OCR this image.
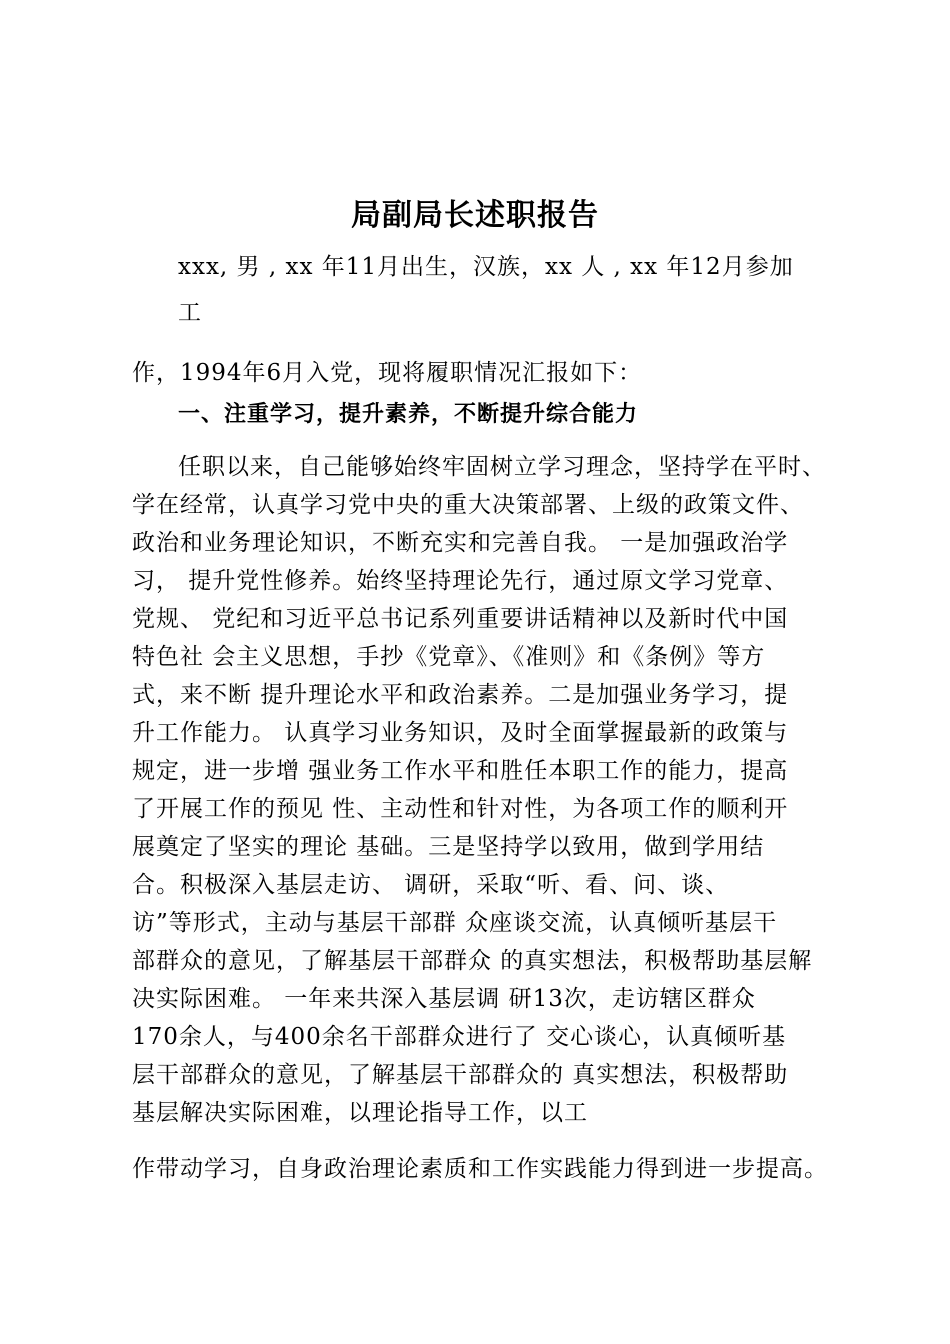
局副局长述职报告
xxx, 男 , xx 年11月出生，汉族，xx 人 , xx 年12月参加
工
作，1994年6月入党，现将履职情况汇报如下：
一、注重学习，提升素养，不断提升综合能力
任职以来，自己能够始终牢固树立学习理念，坚持学在平时、
学在经常，认真学习党中央的重大决策部署、上级的政策文件、
政治和业务理论知识，不断充实和完善自我。 一是加强政治学
习， 提升党性修养。始终坚持理论先行，通过原文学习党章、
党规、 党纪和习近平总书记系列重要讲话精神以及新时代中国
特色社 会主义思想，手抄《党章》、《准则》和《条例》等方
式，来不断 提升理论水平和政治素养。二是加强业务学习，提
升工作能力。 认真学习业务知识，及时全面掌握最新的政策与
规定，进一步增 强业务工作水平和胜任本职工作的能力，提高
了开展工作的预见 性、主动性和针对性，为各项工作的顺利开
展奠定了坚实的理论 基础。三是坚持学以致用，做到学用结
合。积极深入基层走访、 调研，采取“听、看、问、谈、
访”等形式，主动与基层干部群 众座谈交流，认真倾听基层干
部群众的意见，了解基层干部群众 的真实想法，积极帮助基层解
决实际困难。 一年来共深入基层调 研13次，走访辖区群众
170余人，与400余名干部群众进行了 交心谈心，认真倾听基
层干部群众的意见，了解基层干部群众的 真实想法，积极帮助
基层解决实际困难，以理论指导工作，以工
作带动学习，自身政治理论素质和工作实践能力得到进一步提高。
